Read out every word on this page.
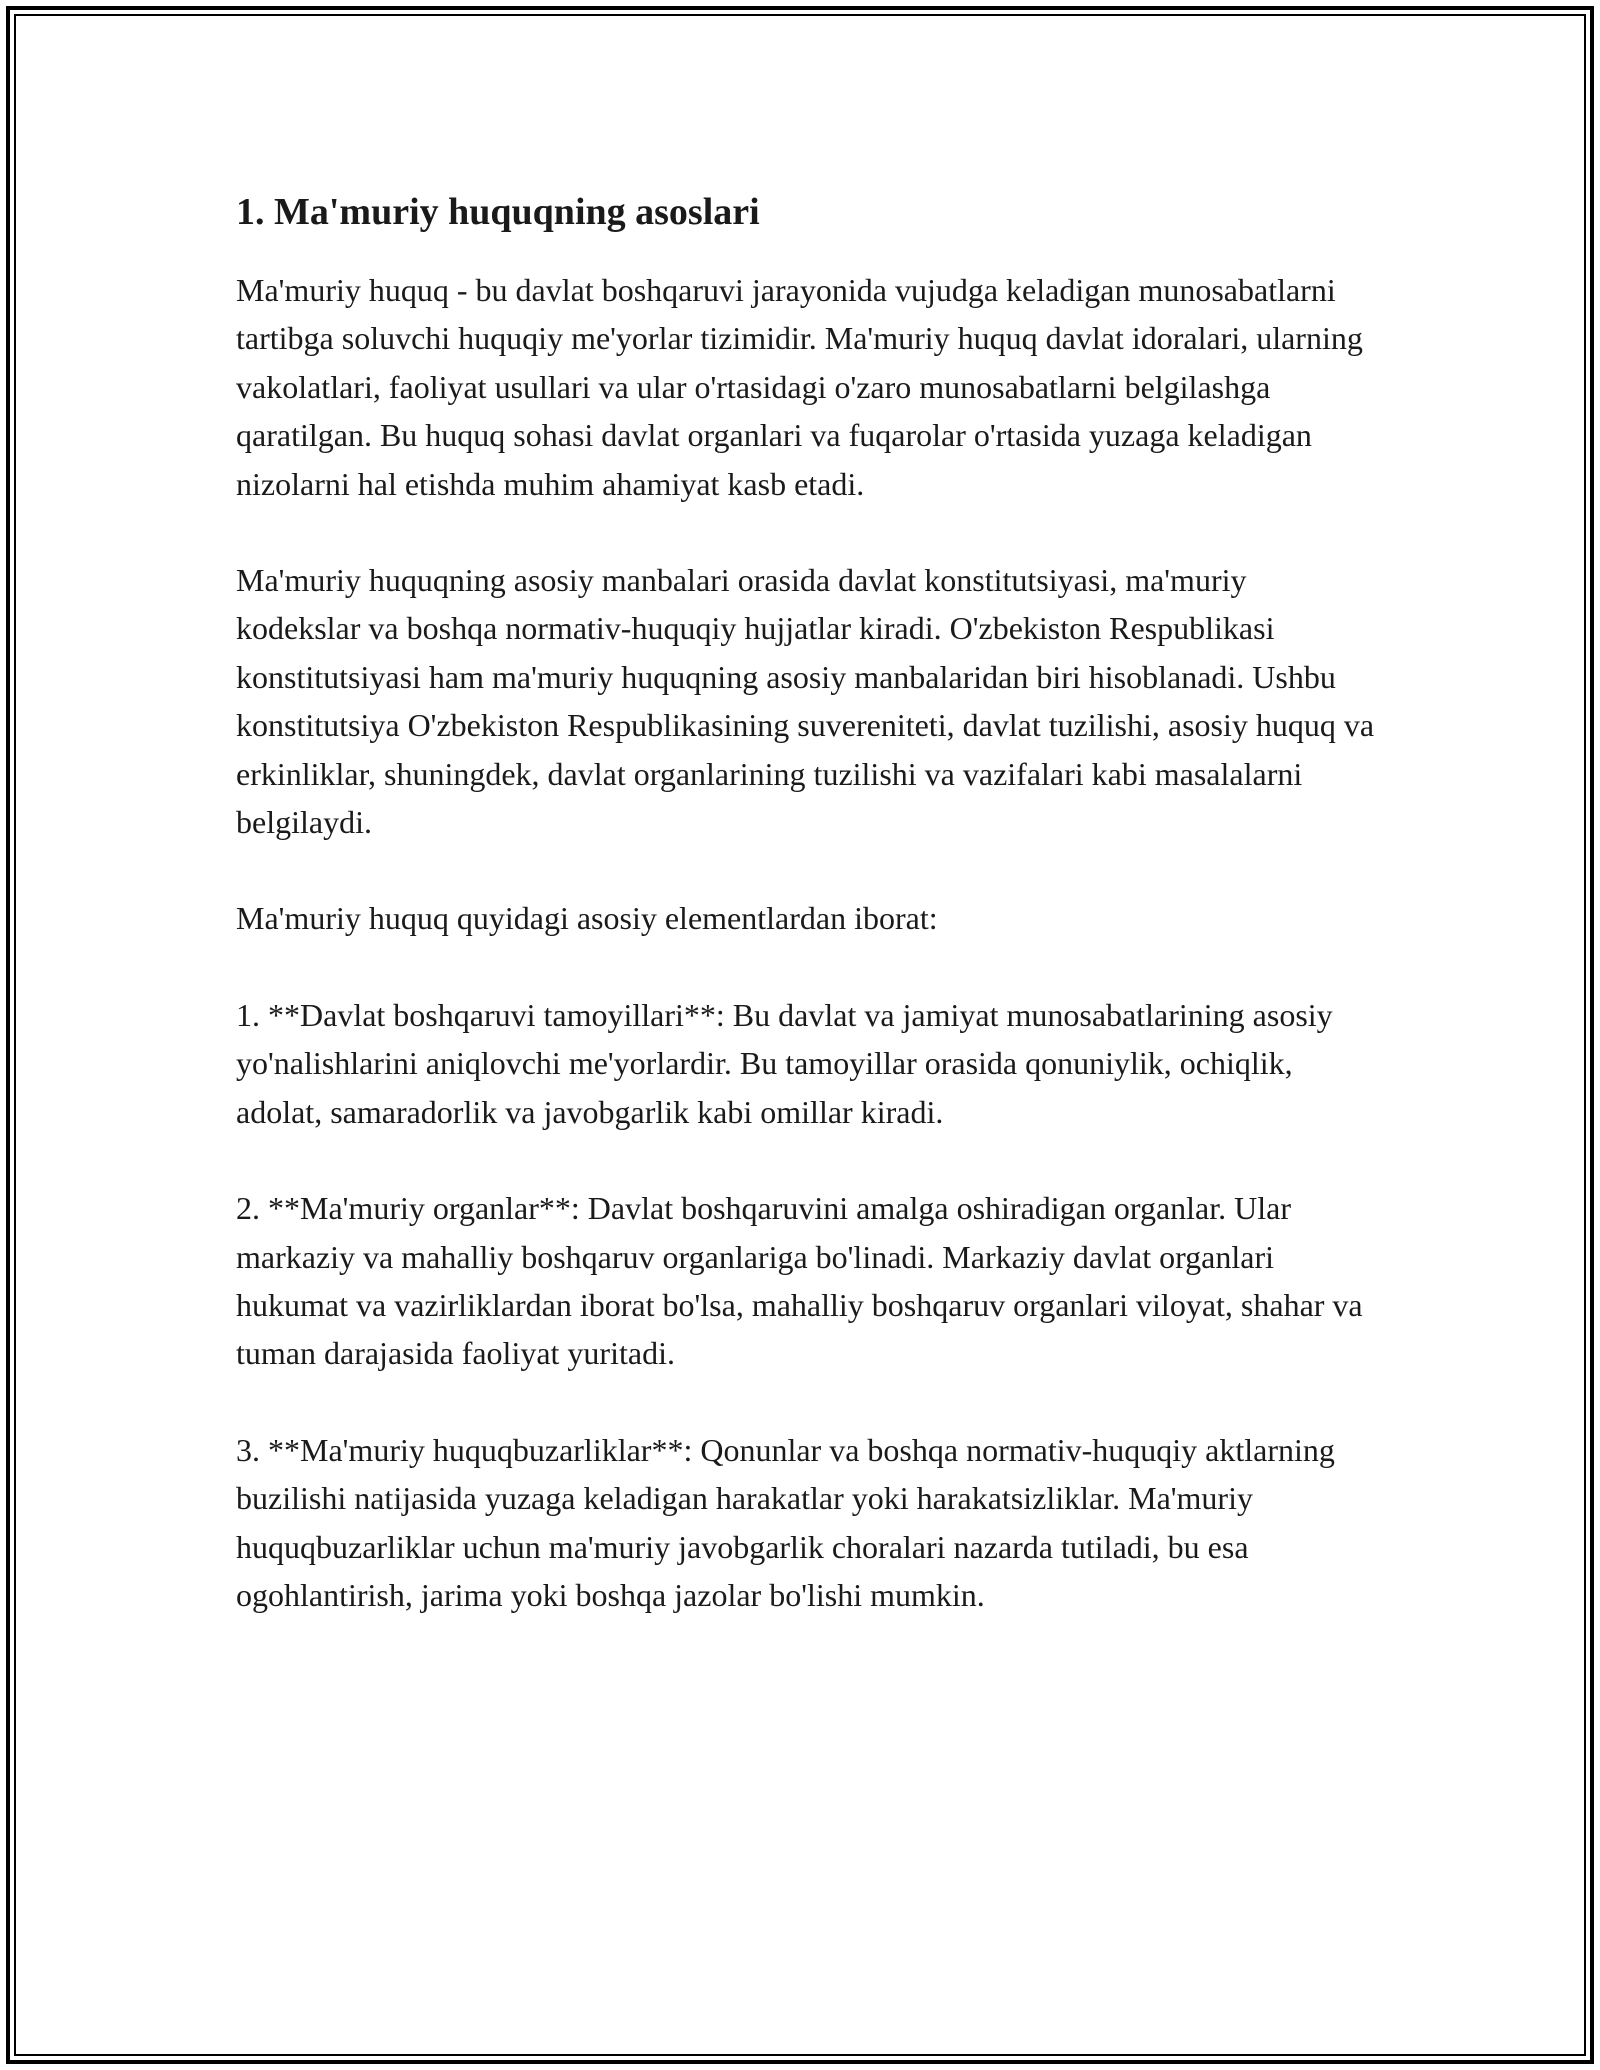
1. Ma'muriy huquqning asoslari

Ma'muriy huquq - bu davlat boshqaruvi jarayonida vujudga keladigan munosabatlarni tartibga soluvchi huquqiy me'yorlar tizimidir. Ma'muriy huquq davlat idoralari, ularning vakolatlari, faoliyat usullari va ular o'rtasidagi o'zaro munosabatlarni belgilashga qaratilgan. Bu huquq sohasi davlat organlari va fuqarolar o'rtasida yuzaga keladigan nizolarni hal etishda muhim ahamiyat kasb etadi.

Ma'muriy huquqning asosiy manbalari orasida davlat konstitutsiyasi, ma'muriy kodekslar va boshqa normativ-huquqiy hujjatlar kiradi. O'zbekiston Respublikasi konstitutsiyasi ham ma'muriy huquqning asosiy manbalaridan biri hisoblanadi. Ushbu konstitutsiya O'zbekiston Respublikasining suvereniteti, davlat tuzilishi, asosiy huquq va erkinliklar, shuningdek, davlat organlarining tuzilishi va vazifalari kabi masalalarni belgilaydi.

Ma'muriy huquq quyidagi asosiy elementlardan iborat:

1. **Davlat boshqaruvi tamoyillari**: Bu davlat va jamiyat munosabatlarining asosiy yo'nalishlarini aniqlovchi me'yorlardir. Bu tamoyillar orasida qonuniylik, ochiqlik, adolat, samaradorlik va javobgarlik kabi omillar kiradi.

2. **Ma'muriy organlar**: Davlat boshqaruvini amalga oshiradigan organlar. Ular markaziy va mahalliy boshqaruv organlariga bo'linadi. Markaziy davlat organlari hukumat va vazirliklardan iborat bo'lsa, mahalliy boshqaruv organlari viloyat, shahar va tuman darajasida faoliyat yuritadi.

3. **Ma'muriy huquqbuzarliklar**: Qonunlar va boshqa normativ-huquqiy aktlarning buzilishi natijasida yuzaga keladigan harakatlar yoki harakatsizliklar. Ma'muriy huquqbuzarliklar uchun ma'muriy javobgarlik choralari nazarda tutiladi, bu esa ogohlantirish, jarima yoki boshqa jazolar bo'lishi mumkin.
